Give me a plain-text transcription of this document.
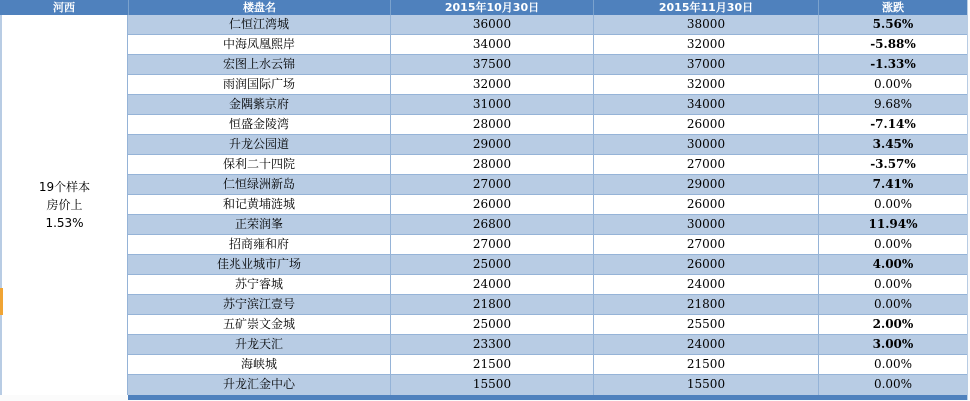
河西	楼盘名	2015年10月30日	2015年11月30日	涨跌
19个样本
房价上
1.53%
仁恒江湾城	36000	38000	5.56%
中海凤凰熙岸	34000	32000	-5.88%
宏图上水云锦	37500	37000	-1.33%
雨润国际广场	32000	32000	0.00%
金隅紫京府	31000	34000	9.68%
恒盛金陵湾	28000	26000	-7.14%
升龙公园道	29000	30000	3.45%
保利二十四院	28000	27000	-3.57%
仁恒绿洲新岛	27000	29000	7.41%
和记黄埔涟城	26000	26000	0.00%
正荣润峯	26800	30000	11.94%
招商雍和府	27000	27000	0.00%
佳兆业城市广场	25000	26000	4.00%
苏宁睿城	24000	24000	0.00%
苏宁滨江壹号	21800	21800	0.00%
五矿崇文金城	25000	25500	2.00%
升龙天汇	23300	24000	3.00%
海峡城	21500	21500	0.00%
升龙汇金中心	15500	15500	0.00%
